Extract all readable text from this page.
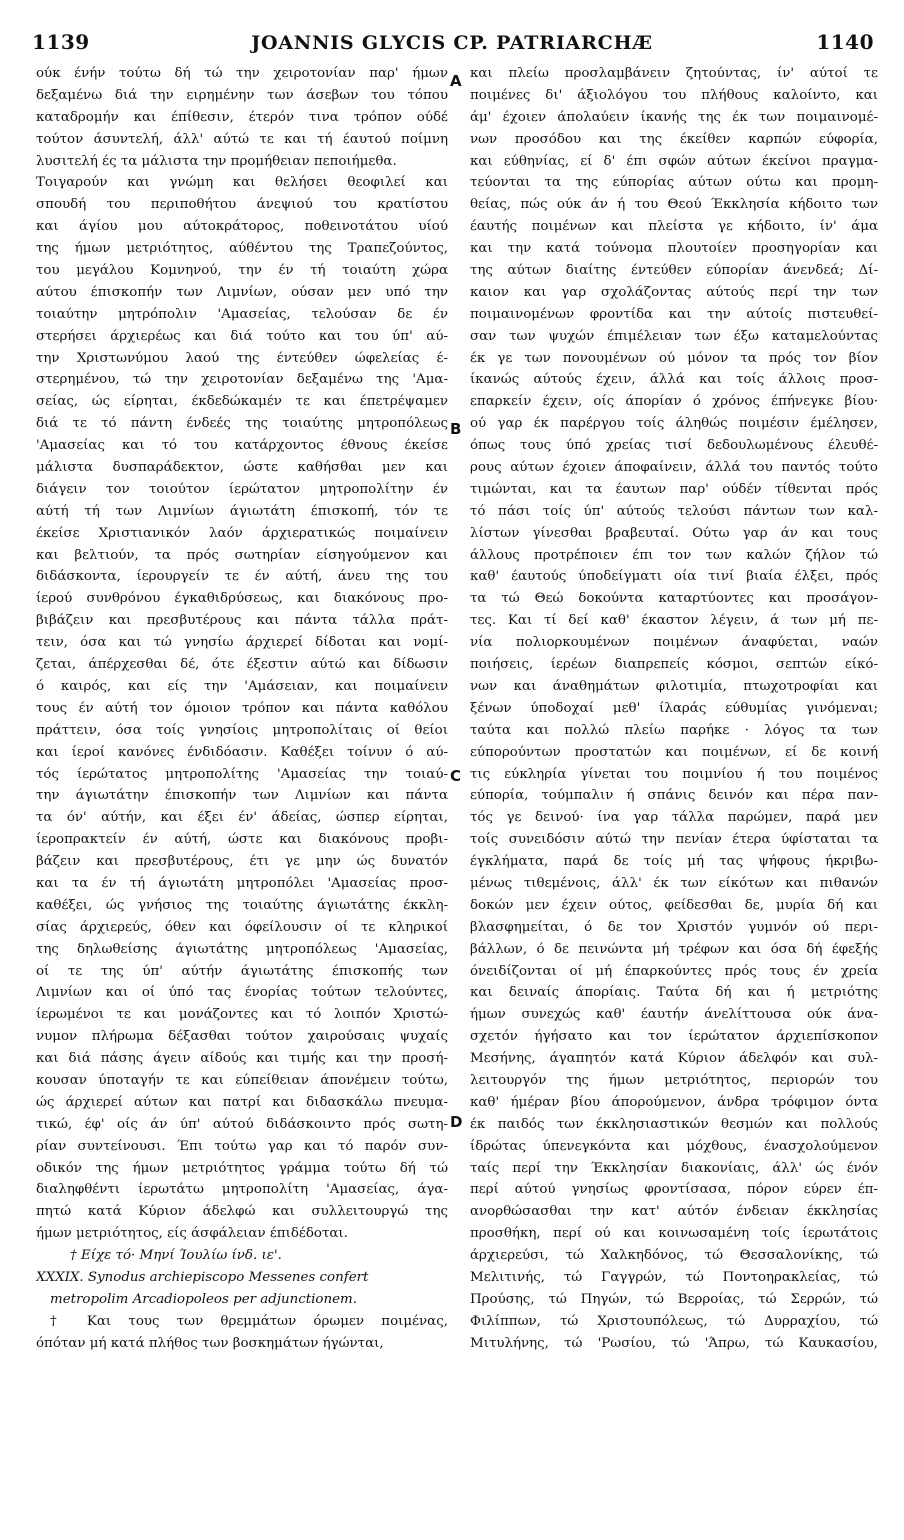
1139	JOANNIS GLYCIS CP. PATRIARCHÆ	1140
A
B
C
D
ούκ ένήν τούτω δή τώ την χειροτονίαν παρ' ήμων
δεξαμένω διά την ειρημένην των άσεβων του τόπου
καταδρομήν και έπίθεσιν, έτερόν τινα τρόπον ούδέ
τούτον άσυντελή, άλλ' αύτώ τε και τή έαυτού ποίμνη
λυσιτελή ές τα μάλιστα την προμήθειαν πεποιήμεθα.
Τοιγαρούν και γνώμη και θελήσει θεοφιλεί και
σπουδή του περιποθήτου άνεψιού του κρατίστου
και άγίου μου αύτοκράτορος, ποθεινοτάτου υίού
της ήμων μετριότητος, αύθέντου της Τραπεζούντος,
του μεγάλου Κομνηνού, την έν τή τοιαύτη χώρα
αύτου έπισκοπήν των Λιμνίων, ούσαν μεν υπό την
τοιαύτην μητρόπολιν 'Αμασείας, τελούσαν δε έν
στερήσει άρχιερέως και διά τούτο και του ύπ' αύ-
την Χριστωνύμου λαού της έντεύθεν ώφελείας έ-
στερημένου, τώ την χειροτονίαν δεξαμένω της 'Αμα-
σείας, ώς είρηται, έκδεδώκαμέν τε και έπετρέψαμεν
διά τε τό πάντη ένδεές της τοιαύτης μητροπόλεως
'Αμασείας και τό του κατάρχοντος έθνους έκείσε
μάλιστα δυσπαράδεκτον, ώστε καθήσθαι μεν και
διάγειν τον τοιούτον ίερώτατον μητροπολίτην έν
αύτή τή των Λιμνίων άγιωτάτη έπισκοπή, τόν τε
έκείσε Χριστιανικόν λαόν άρχιερατικώς ποιμαίνειν
και βελτιούν, τα πρός σωτηρίαν είσηγούμενον και
διδάσκοντα, ίερουργείν τε έν αύτή, άνευ της του
ίερού συνθρόνου έγκαθιδρύσεως, και διακόνους προ-
βιβάζειν και πρεσβυτέρους και πάντα τάλλα πράτ-
τειν, όσα και τώ γνησίω άρχιερεί δίδοται και νομί-
ζεται, άπέρχεσθαι δέ, ότε έξεστιν αύτώ και δίδωσιν
ό καιρός, και είς την 'Αμάσειαν, και ποιμαίνειν
τους έν αύτή τον όμοιον τρόπον και πάντα καθόλου
πράττειν, όσα τοίς γνησίοις μητροπολίταις οί θείοι
και ίεροί κανόνες ένδιδόασιν. Καθέξει τοίνυν ό αύ-
τός ίερώτατος μητροπολίτης 'Αμασείας την τοιαύ-
την άγιωτάτην έπισκοπήν των Λιμνίων και πάντα
τα όν' αύτήν, και έξει έν' άδείας, ώσπερ είρηται,
ίεροπρακτείν έν αύτή, ώστε και διακόνους προβι-
βάζειν και πρεσβυτέρους, έτι γε μην ώς δυνατόν
και τα έν τή άγιωτάτη μητροπόλει 'Αμασείας προσ-
καθέξει, ώς γνήσιος της τοιαύτης άγιωτάτης έκκλη-
σίας άρχιερεύς, όθεν και όφείλουσιν οί τε κληρικοί
της δηλωθείσης άγιωτάτης μητροπόλεως 'Αμασείας,
οί τε της ύπ' αύτήν άγιωτάτης έπισκοπής των
Λιμνίων και οί ύπό τας ένορίας τούτων τελούντες,
ίερωμένοι τε και μονάζοντες και τό λοιπόν Χριστώ-
νυμον πλήρωμα δέξασθαι τούτον χαιρούσαις ψυχαίς
και διά πάσης άγειν αίδούς και τιμής και την προσή-
κουσαν ύποταγήν τε και εύπείθειαν άπονέμειν τούτω,
ώς άρχιερεί αύτων και πατρί και διδασκάλω πνευμα-
τικώ, έφ' οίς άν ύπ' αύτού διδάσκοιντο πρός σωτη-
ρίαν συντείνουσι. Έπι τούτω γαρ και τό παρόν συν-
οδικόν της ήμων μετριότητος γράμμα τούτω δή τώ
διαληφθέντι ίερωτάτω μητροπολίτη 'Αμασείας, άγα-
πητώ κατά Κύριον άδελφώ και συλλειτουργώ της
ήμων μετριότητος, είς άσφάλειαν έπιδέδοται.
† Είχε τό· Μηνί Ίουλίω ίνδ. ιε'.
XXXIX. Synodus archiepiscopo Messenes confert
metropolim Arcadiopoleos per adjunctionem.
† Και τους των θρεμμάτων όρωμεν ποιμένας,
όπόταν μή κατά πλήθος των βοσκημάτων ήγώνται,
και πλείω προσλαμβάνειν ζητούντας, ίν' αύτοί τε
ποιμένες δι' άξιολόγου του πλήθους καλοίντο, και
άμ' έχοιεν άπολαύειν ίκανής της έκ των ποιμαινομέ-
νων προσόδου και της έκείθεν καρπών εύφορία,
και εύθηνίας, εί δ' έπι σφών αύτων έκείνοι πραγμα-
τεύονται τα της εύπορίας αύτων ούτω και προμη-
θείας, πώς ούκ άν ή του Θεού Έκκλησία κήδοιτο των
έαυτής ποιμένων και πλείστα γε κήδοιτο, ίν' άμα
και την κατά τούνομα πλουτοίεν προσηγορίαν και
της αύτων διαίτης έντεύθεν εύπορίαν άνενδεά; Δί-
καιον και γαρ σχολάζοντας αύτούς περί την των
ποιμαινομένων φροντίδα και την αύτοίς πιστευθεί-
σαν των ψυχών έπιμέλειαν των έξω καταμελούντας
έκ γε των πονουμένων ού μόνον τα πρός τον βίον
ίκανώς αύτούς έχειν, άλλά και τοίς άλλοις προσ-
επαρκείν έχειν, οίς άπορίαν ό χρόνος έπήνεγκε βίου·
ού γαρ έκ παρέργου τοίς άληθώς ποιμέσιν έμέλησεν,
όπως τους ύπό χρείας τισί δεδουλωμένους έλευθέ-
ρους αύτων έχοιεν άποφαίνειν, άλλά του παντός τούτο
τιμώνται, και τα έαυτων παρ' ούδέν τίθενται πρός
τό πάσι τοίς ύπ' αύτούς τελούσι πάντων των καλ-
λίστων γίνεσθαι βραβευταί. Ούτω γαρ άν και τους
άλλους προτρέποιεν έπι τον των καλών ζήλον τώ
καθ' έαυτούς ύποδείγματι οία τινί βιαία έλξει, πρός
τα τώ Θεώ δοκούντα καταρτύοντες και προσάγον-
τες. Και τί δεί καθ' έκαστον λέγειν, ά των μή πε-
νία πολιορκουμένων ποιμένων άναφύεται, ναών
ποιήσεις, ίερέων διαπρεπείς κόσμοι, σεπτών είκό-
νων και άναθημάτων φιλοτιμία, πτωχοτροφίαι και
ξένων ύποδοχαί μεθ' ίλαράς εύθυμίας γινόμεναι;
ταύτα και πολλώ πλείω παρήκε · λόγος τα των
εύπορούντων προστατών και ποιμένων, εί δε κοινή
τις εύκληρία γίνεται του ποιμνίου ή του ποιμένος
εύπορία, τούμπαλιν ή σπάνις δεινόν και πέρα παν-
τός γε δεινού· ίνα γαρ τάλλα παρώμεν, παρά μεν
τοίς συνειδόσιν αύτώ την πενίαν έτερα ύφίσταται τα
έγκλήματα, παρά δε τοίς μή τας ψήφους ήκριβω-
μένως τιθεμένοις, άλλ' έκ των είκότων και πιθανών
δοκών μεν έχειν ούτος, φείδεσθαι δε, μυρία δή και
βλασφημείται, ό δε τον Χριστόν γυμνόν ού περι-
βάλλων, ό δε πεινώντα μή τρέφων και όσα δή έφεξής
όνειδίζονται οί μή έπαρκούντες πρός τους έν χρεία
και δειναίς άπορίαις. Ταύτα δή και ή μετριότης
ήμων συνεχώς καθ' έαυτήν άνελίττουσα ούκ άνα-
σχετόν ήγήσατο και τον ίερώτατον άρχιεπίσκοπον
Μεσήνης, άγαπητόν κατά Κύριον άδελφόν και συλ-
λειτουργόν της ήμων μετριότητος, περιορών του
καθ' ήμέραν βίου άπορούμενον, άνδρα τρόφιμον όντα
έκ παιδός των έκκλησιαστικών θεσμών και πολλούς
ίδρώτας ύπενεγκόντα και μόχθους, ένασχολούμενον
ταίς περί την Έκκλησίαν διακονίαις, άλλ' ώς ένόν
περί αύτού γνησίως φροντίσασα, πόρον εύρεν έπ-
ανορθώσασθαι την κατ' αύτόν ένδειαν έκκλησίας
προσθήκη, περί ού και κοινωσαμένη τοίς ίερωτάτοις
άρχιερεύσι, τώ Χαλκηδόνος, τώ Θεσσαλονίκης, τώ
Μελιτινής, τώ Γαγγρών, τώ Ποντοηρακλείας, τώ
Προύσης, τώ Πηγών, τώ Βερροίας, τώ Σερρών, τώ
Φιλίππων, τώ Χριστουπόλεως, τώ Δυρραχίου, τώ
Μιτυλήνης, τώ 'Ρωσίου, τώ 'Άπρω, τώ Καυκασίου,
